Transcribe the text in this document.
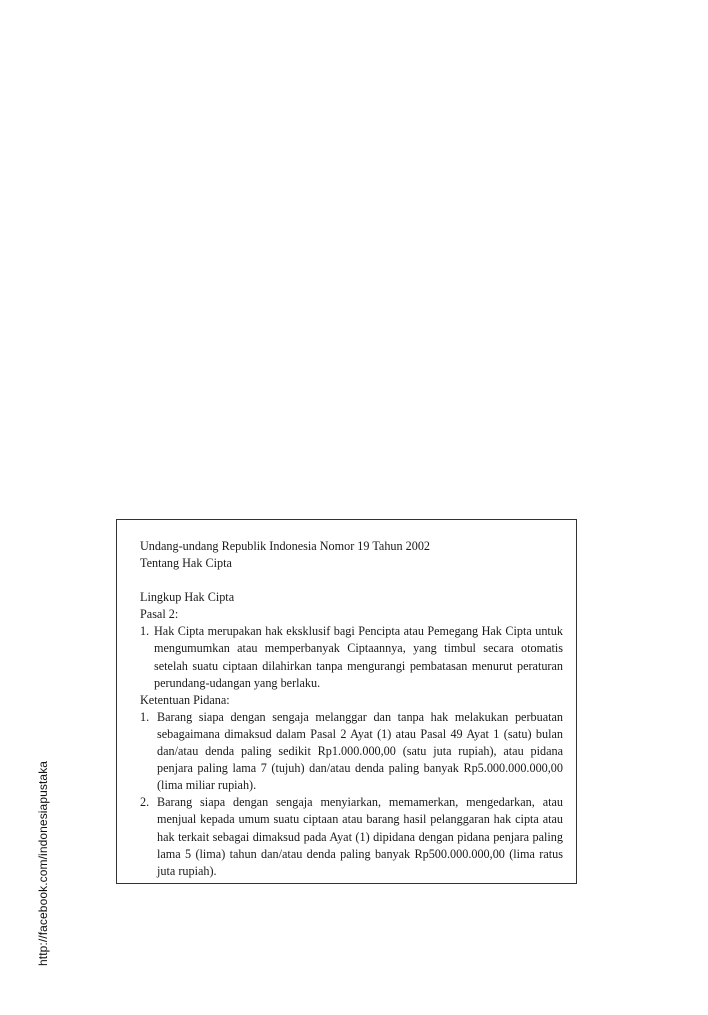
http://facebook.com/indonesiapustaka
Undang-undang Republik Indonesia Nomor 19 Tahun 2002
Tentang Hak Cipta
Lingkup Hak Cipta
Pasal 2:
1. Hak Cipta merupakan hak eksklusif bagi Pencipta atau Pemegang Hak Cipta untuk mengumumkan atau memperbanyak Ciptaannya, yang timbul secara otomatis setelah suatu ciptaan dilahirkan tanpa mengurangi pembatasan menurut peraturan perundang-udangan yang berlaku.
Ketentuan Pidana:
1. Barang siapa dengan sengaja melanggar dan tanpa hak melakukan perbuatan sebagaimana dimaksud dalam Pasal 2 Ayat (1) atau Pasal 49 Ayat 1 (satu) bulan dan/atau denda paling sedikit Rp1.000.000,00 (satu juta rupiah), atau pidana penjara paling lama 7 (tujuh) dan/atau denda paling banyak Rp5.000.000.000,00 (lima miliar rupiah).
2. Barang siapa dengan sengaja menyiarkan, memamerkan, mengedarkan, atau menjual kepada umum suatu ciptaan atau barang hasil pelanggaran hak cipta atau hak terkait sebagai dimaksud pada Ayat (1) dipidana dengan pidana penjara paling lama 5 (lima) tahun dan/atau denda paling banyak Rp500.000.000,00 (lima ratus juta rupiah).
